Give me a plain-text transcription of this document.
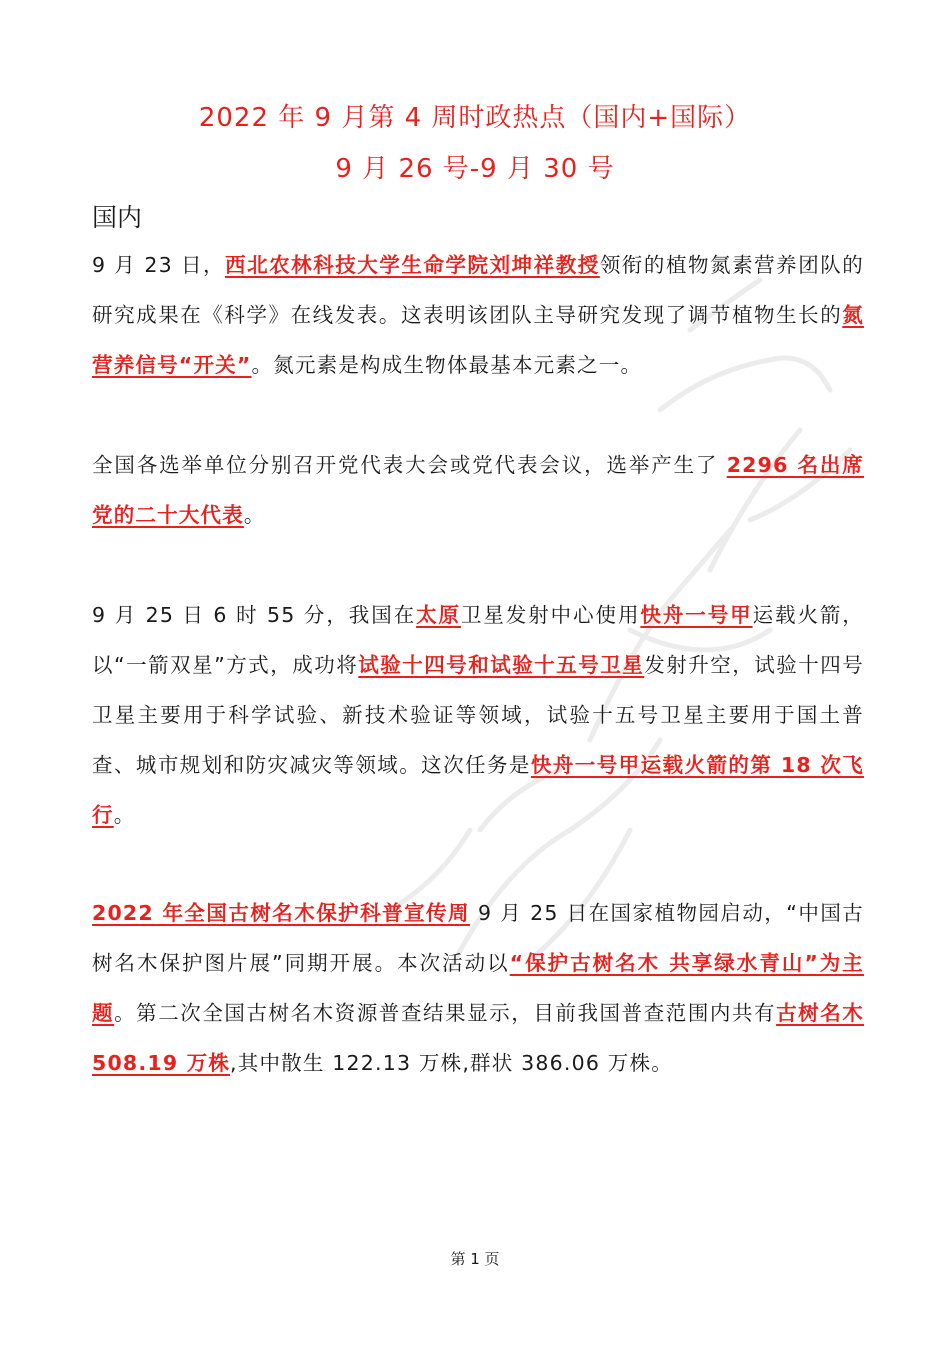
2022 年 9 月第 4 周时政热点（国内+国际）
9 月 26 号-9 月 30 号
国内

9 月 23 日，西北农林科技大学生命学院刘坤祥教授领衔的植物氮素营养团队的研究成果在《科学》在线发表。这表明该团队主导研究发现了调节植物生长的氮营养信号“开关”。氮元素是构成生物体最基本元素之一。

全国各选举单位分别召开党代表大会或党代表会议，选举产生了 2296 名出席党的二十大代表。

9 月 25 日 6 时 55 分，我国在太原卫星发射中心使用快舟一号甲运载火箭，以“一箭双星”方式，成功将试验十四号和试验十五号卫星发射升空，试验十四号卫星主要用于科学试验、新技术验证等领域，试验十五号卫星主要用于国土普查、城市规划和防灾减灾等领域。这次任务是快舟一号甲运载火箭的第 18 次飞行。

2022 年全国古树名木保护科普宣传周 9 月 25 日在国家植物园启动，“中国古树名木保护图片展”同期开展。本次活动以“保护古树名木 共享绿水青山”为主题。第二次全国古树名木资源普查结果显示，目前我国普查范围内共有古树名木 508.19 万株,其中散生 122.13 万株,群状 386.06 万株。

第 1 页
